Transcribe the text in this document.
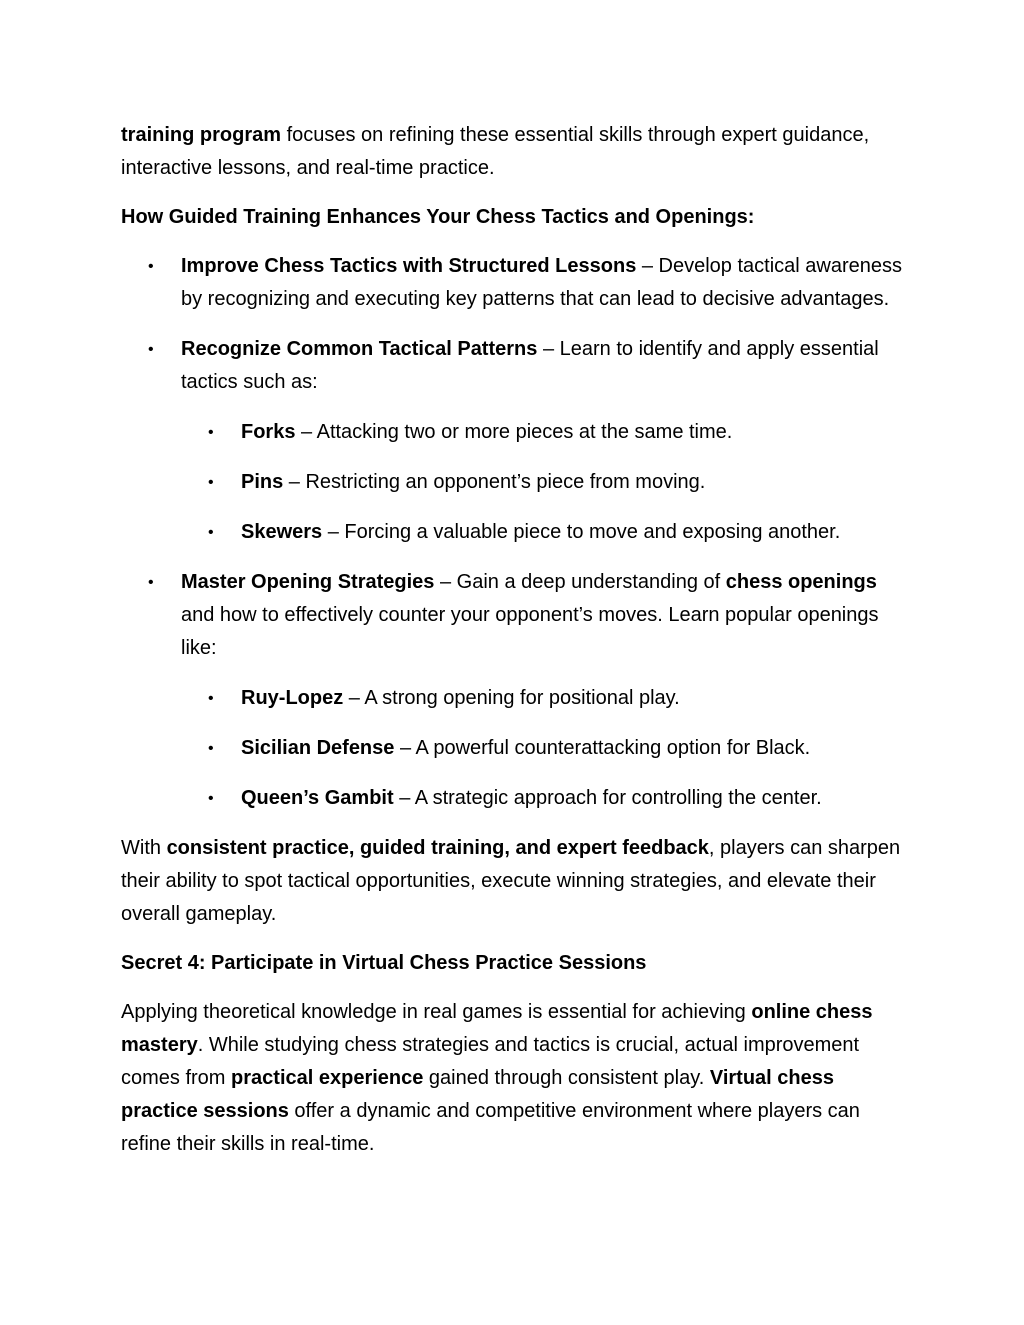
training program focuses on refining these essential skills through expert guidance, interactive lessons, and real-time practice.

How Guided Training Enhances Your Chess Tactics and Openings:

• Improve Chess Tactics with Structured Lessons – Develop tactical awareness by recognizing and executing key patterns that can lead to decisive advantages.
• Recognize Common Tactical Patterns – Learn to identify and apply essential tactics such as:
• Forks – Attacking two or more pieces at the same time.
• Pins – Restricting an opponent’s piece from moving.
• Skewers – Forcing a valuable piece to move and exposing another.
• Master Opening Strategies – Gain a deep understanding of chess openings and how to effectively counter your opponent’s moves. Learn popular openings like:
• Ruy-Lopez – A strong opening for positional play.
• Sicilian Defense – A powerful counterattacking option for Black.
• Queen’s Gambit – A strategic approach for controlling the center.

With consistent practice, guided training, and expert feedback, players can sharpen their ability to spot tactical opportunities, execute winning strategies, and elevate their overall gameplay.

Secret 4: Participate in Virtual Chess Practice Sessions

Applying theoretical knowledge in real games is essential for achieving online chess mastery. While studying chess strategies and tactics is crucial, actual improvement comes from practical experience gained through consistent play. Virtual chess practice sessions offer a dynamic and competitive environment where players can refine their skills in real-time.
